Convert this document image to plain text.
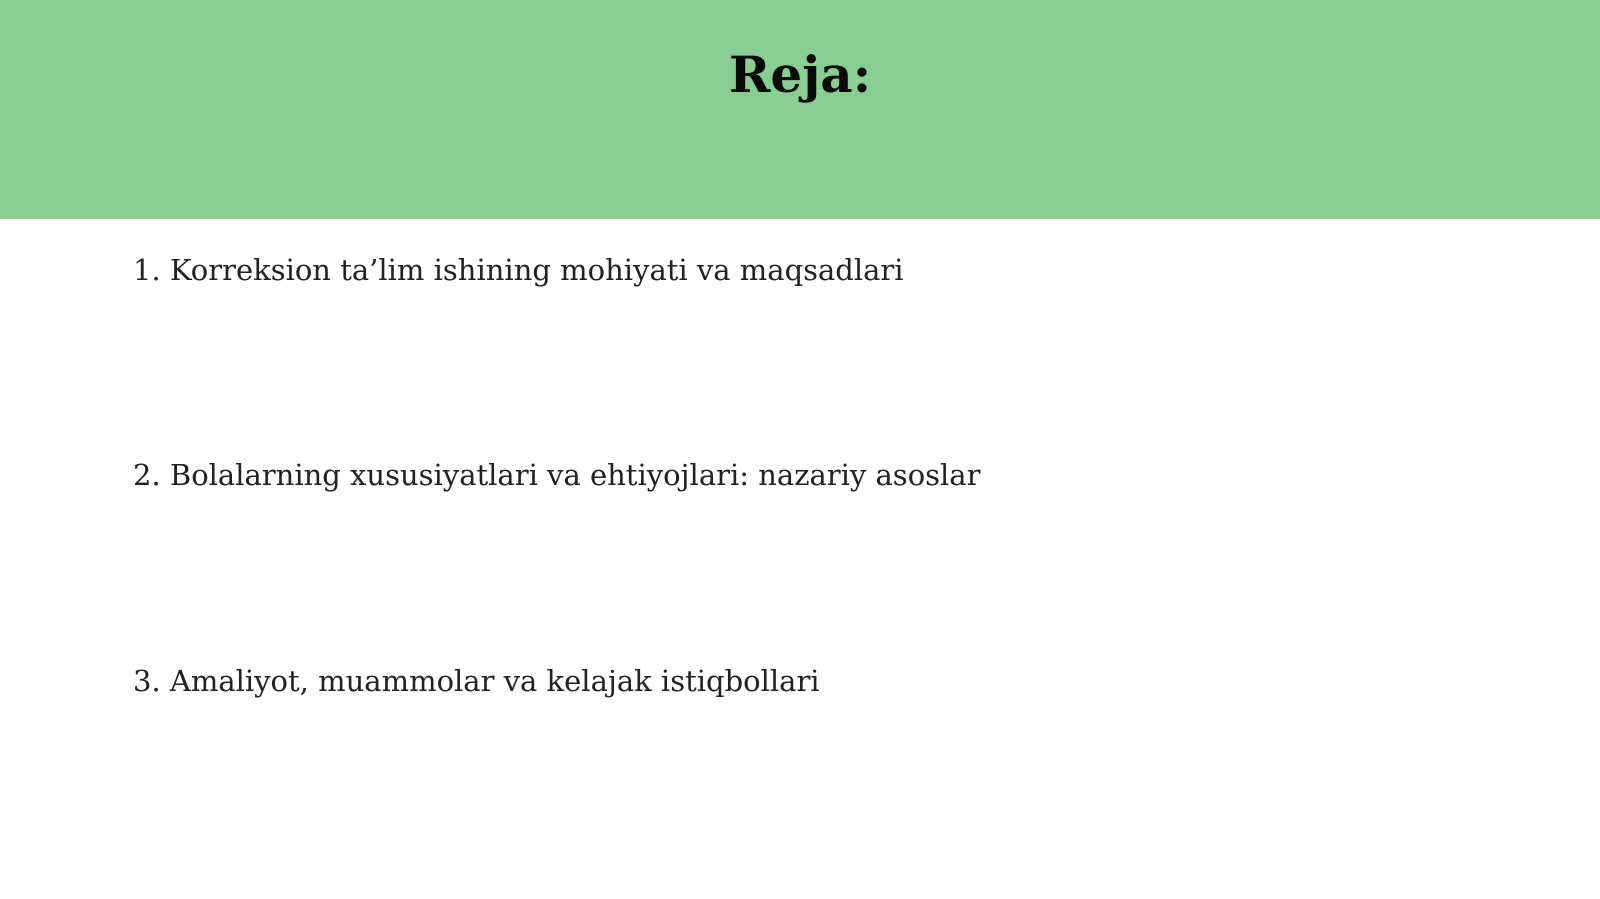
Reja:
1. Korreksion ta’lim ishining mohiyati va maqsadlari
2. Bolalarning xususiyatlari va ehtiyojlari: nazariy asoslar
3. Amaliyot, muammolar va kelajak istiqbollari
